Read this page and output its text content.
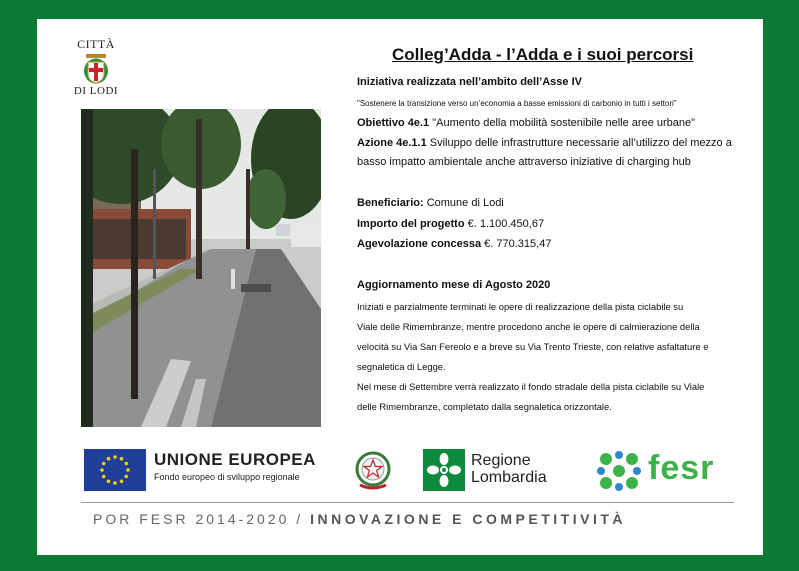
CITTÀ
DI LODI
Colleg’Adda - l’Adda e i suoi percorsi
Iniziativa realizzata nell’ambito dell’Asse IV
"Sostenere la transizione verso un’economia a basse emissioni di carbonio in tutti i settori"
Obiettivo 4e.1 "Aumento della mobilità sostenibile nelle aree urbane"
Azione 4e.1.1 Sviluppo delle infrastrutture necessarie all’utilizzo del mezzo a
basso impatto ambientale anche attraverso iniziative di charging hub
Beneficiario: Comune di Lodi
Importo del progetto €. 1.100.450,67
Agevolazione concessa €. 770.315,47
Aggiornamento mese di Agosto 2020
Iniziati e parzialmente terminati le opere di realizzazione della pista ciclabile su
Viale delle Rimembranze, mentre procedono anche le opere di calmierazione della
velocità su Via San Fereolo e a breve su Via Trento Trieste, con relative asfaltature e
segnaletica di Legge.
Nel mese di Settembre verrà realizzato il fondo stradale della pista ciclabile su Viale
delle Rimembranze, completato dalla segnaletica orizzontale.
UNIONE EUROPEA
Fondo europeo di sviluppo regionale
Regione
Lombardia	fesr
POR FESR 2014-2020 / INNOVAZIONE E COMPETITIVITÀ
